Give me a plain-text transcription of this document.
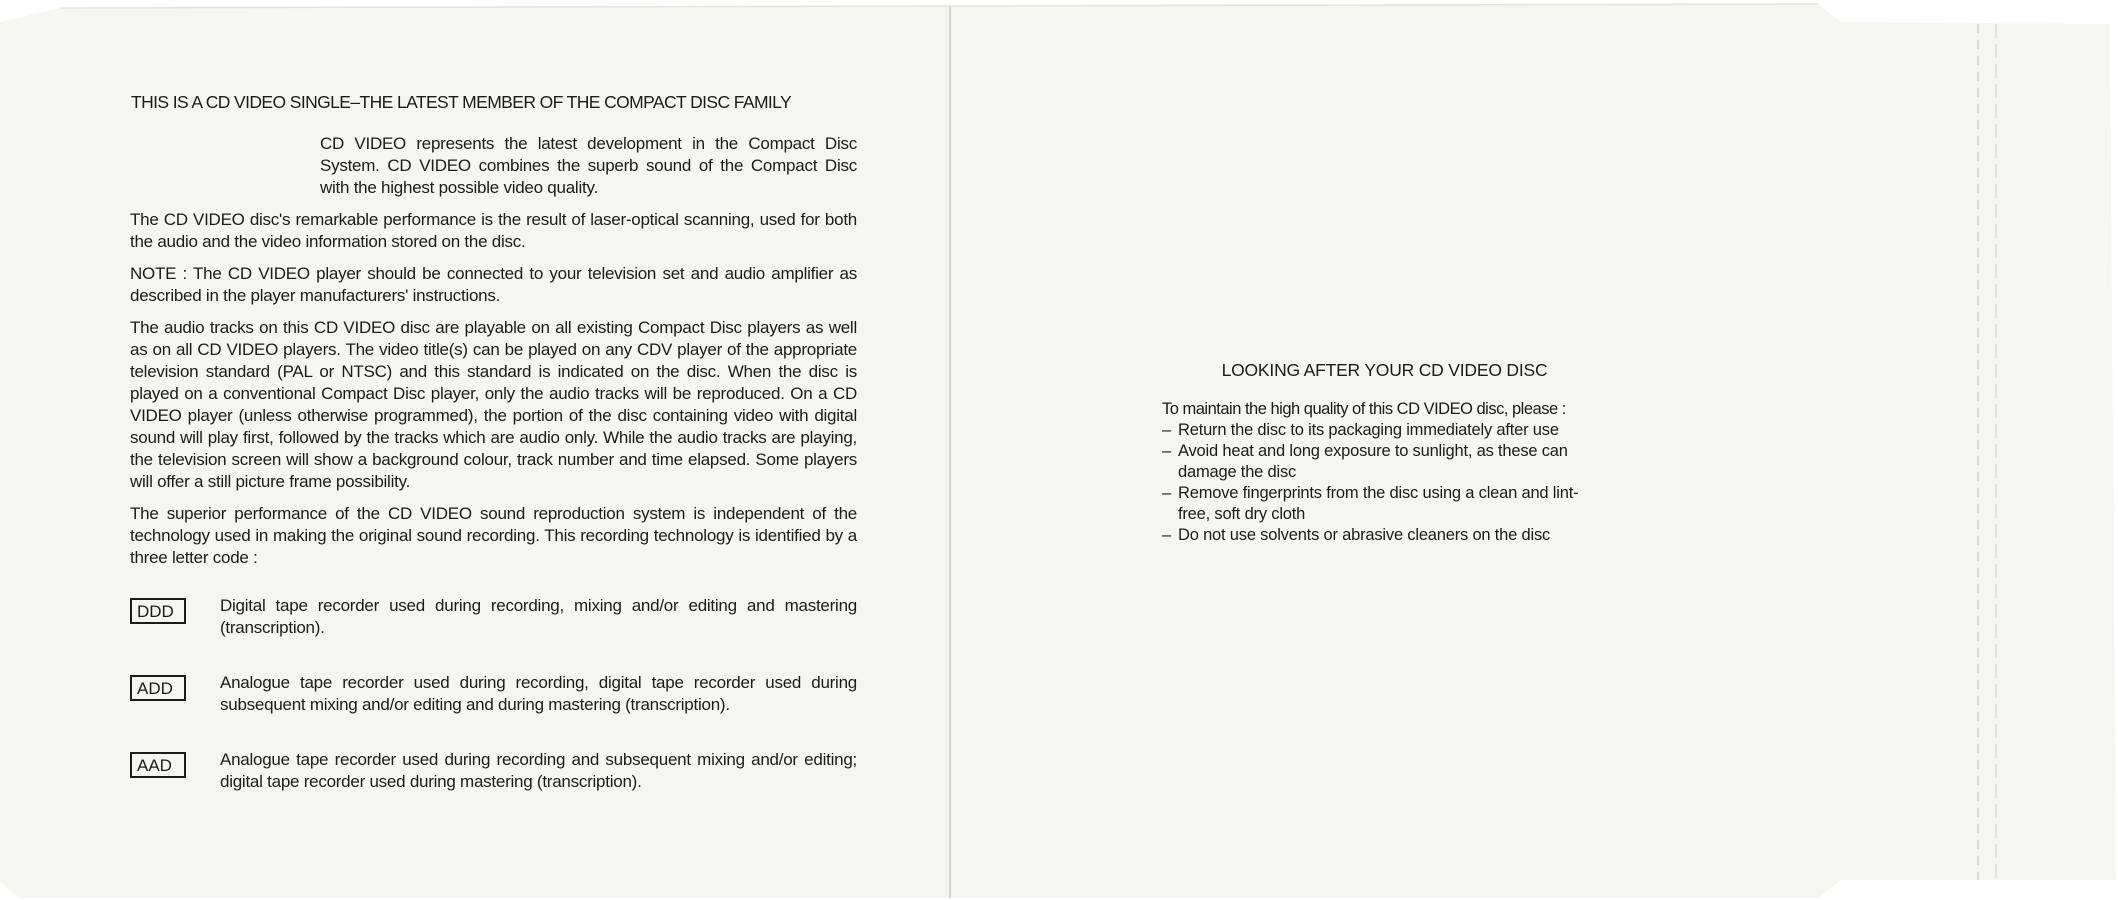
THIS IS A CD VIDEO SINGLE–THE LATEST MEMBER OF THE COMPACT DISC FAMILY
CD VIDEO represents the latest development in the Compact Disc System. CD VIDEO combines the superb sound of the Compact Disc with the highest possible video quality.
The CD VIDEO disc's remarkable performance is the result of laser-optical scanning, used for both the audio and the video information stored on the disc.
NOTE : The CD VIDEO player should be connected to your television set and audio amplifier as described in the player manufacturers' instructions.
The audio tracks on this CD VIDEO disc are playable on all existing Compact Disc players as well as on all CD VIDEO players. The video title(s) can be played on any CDV player of the appropriate television standard (PAL or NTSC) and this standard is indicated on the disc. When the disc is played on a conventional Compact Disc player, only the audio tracks will be reproduced. On a CD VIDEO player (unless otherwise programmed), the portion of the disc containing video with digital sound will play first, followed by the tracks which are audio only. While the audio tracks are playing, the television screen will show a background colour, track number and time elapsed. Some players will offer a still picture frame possibility.
The superior performance of the CD VIDEO sound reproduction system is independent of the technology used in making the original sound recording. This recording technology is identified by a three letter code :
DDD	Digital tape recorder used during recording, mixing and/or editing and mastering (transcription).
ADD	Analogue tape recorder used during recording, digital tape recorder used during subsequent mixing and/or editing and during mastering (transcription).
AAD	Analogue tape recorder used during recording and subsequent mixing and/or editing; digital tape recorder used during mastering (transcription).
LOOKING AFTER YOUR CD VIDEO DISC
To maintain the high quality of this CD VIDEO disc, please :
– Return the disc to its packaging immediately after use
– Avoid heat and long exposure to sunlight, as these can damage the disc
– Remove fingerprints from the disc using a clean and lint-free, soft dry cloth
– Do not use solvents or abrasive cleaners on the disc
